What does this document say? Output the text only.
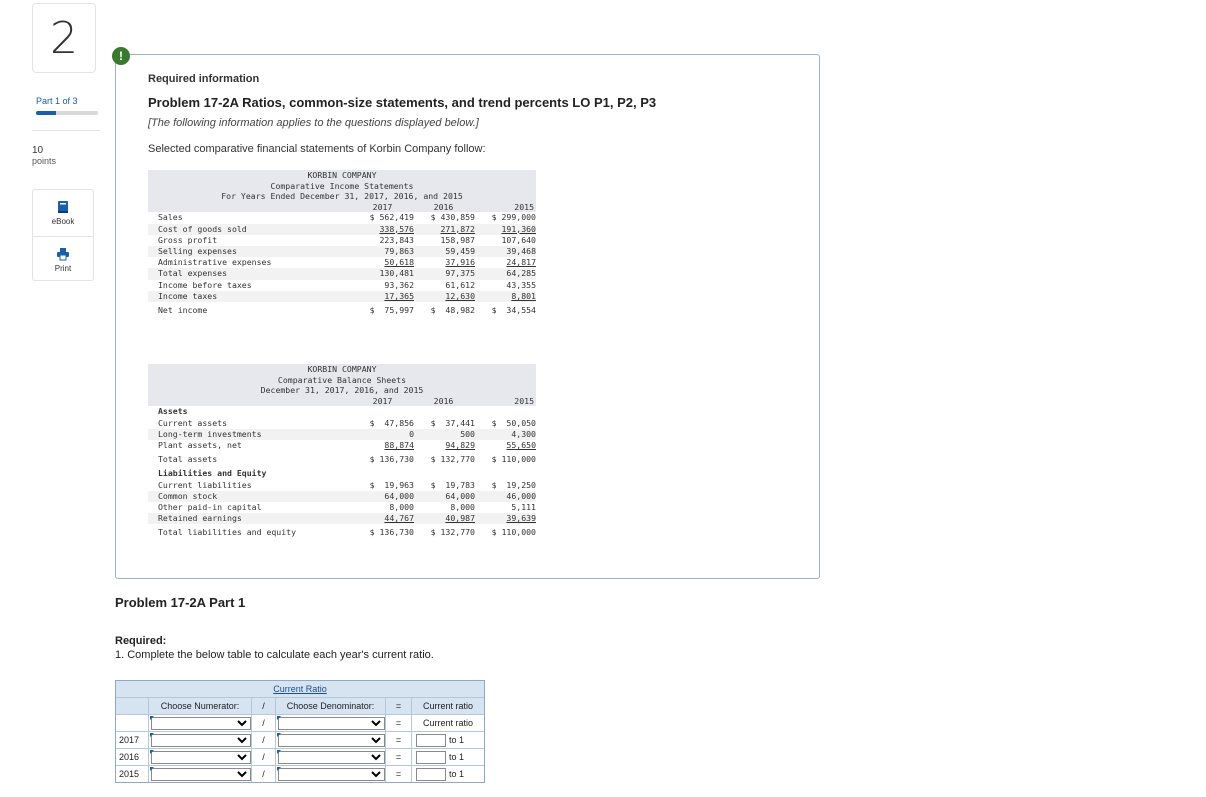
2
Part 1 of 3
10
points
eBook
Print
!
Required information
Problem 17-2A Ratios, common-size statements, and trend percents LO P1, P2, P3
[The following information applies to the questions displayed below.]
Selected comparative financial statements of Korbin Company follow:
KORBIN COMPANY
Comparative Income Statements
For Years Ended December 31, 2017, 2016, and 2015
2017	2016	2015
Sales	$ 562,419	$ 430,859	$ 299,000
Cost of goods sold	338,576	271,872	191,360
Gross profit	223,843	158,987	107,640
Selling expenses	79,863	59,459	39,468
Administrative expenses	50,618	37,916	24,817
Total expenses	130,481	97,375	64,285
Income before taxes	93,362	61,612	43,355
Income taxes	17,365	12,630	8,801
Net income	$  75,997	$  48,982	$  34,554
KORBIN COMPANY
Comparative Balance Sheets
December 31, 2017, 2016, and 2015
2017	2016	2015
Assets
Current assets	$  47,856	$  37,441	$  50,050
Long-term investments	0	500	4,300
Plant assets, net	88,874	94,829	55,650
Total assets	$ 136,730	$ 132,770	$ 110,000
Liabilities and Equity
Current liabilities	$  19,963	$  19,783	$  19,250
Common stock	64,000	64,000	46,000
Other paid-in capital	8,000	8,000	5,111
Retained earnings	44,767	40,987	39,639
Total liabilities and equity	$ 136,730	$ 132,770	$ 110,000
Problem 17-2A Part 1
Required:
1. Complete the below table to calculate each year's current ratio.
Current Ratio
Choose Numerator:	/	Choose Denominator:	=	Current ratio
/	=	Current ratio
2017	/	=	to 1
2016	/	=	to 1
2015	/	=	to 1
